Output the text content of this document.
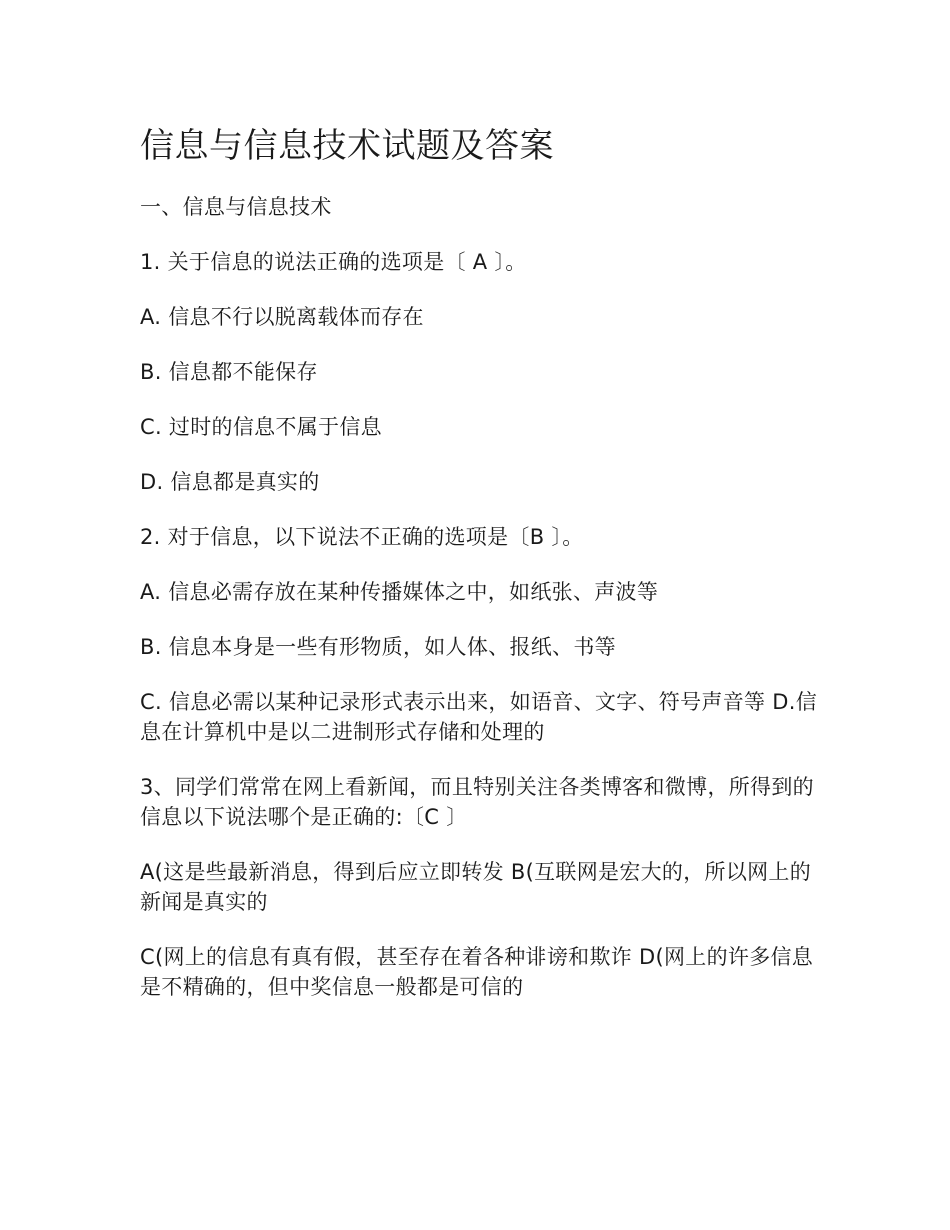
信息与信息技术试题及答案

一、信息与信息技术

1. 关于信息的说法正确的选项是〔 A 〕。

A. 信息不行以脱离载体而存在

B. 信息都不能保存

C. 过时的信息不属于信息

D. 信息都是真实的

2. 对于信息，以下说法不正确的选项是〔B 〕。

A. 信息必需存放在某种传播媒体之中，如纸张、声波等

B. 信息本身是一些有形物质，如人体、报纸、书等

C. 信息必需以某种记录形式表示出来，如语音、文字、符号声音等 D.信息在计算机中是以二进制形式存储和处理的

3、同学们常常在网上看新闻，而且特别关注各类博客和微博，所得到的信息以下说法哪个是正确的:〔C 〕

A(这是些最新消息，得到后应立即转发 B(互联网是宏大的，所以网上的新闻是真实的

C(网上的信息有真有假，甚至存在着各种诽谤和欺诈 D(网上的许多信息是不精确的，但中奖信息一般都是可信的
